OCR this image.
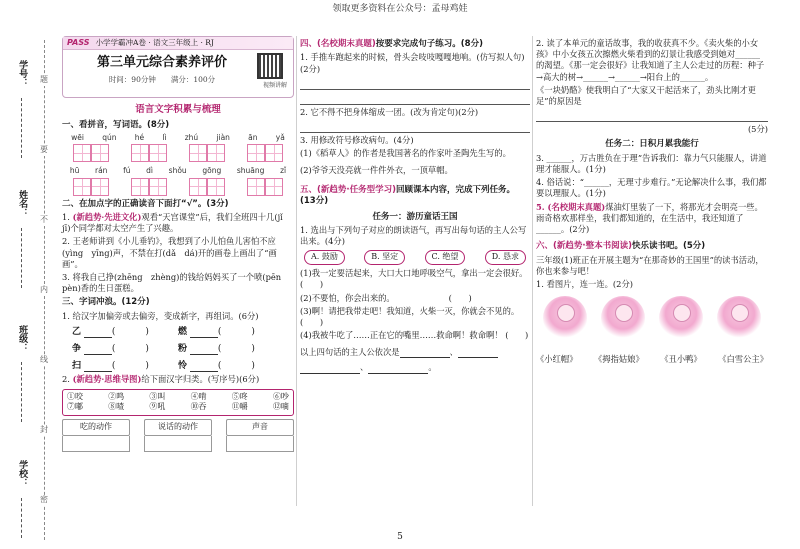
领取更多资料在公众号：孟母鸡娃
学号：
姓名：
班级：
学校：
题
要
不
内
线
封
密
PASS 小学学霸冲A卷 · 语文三年级上 · RJ
第三单元综合素养评价
时间：90分钟　　满分：100分
视频讲解
语言文字积累与梳理
一、看拼音，写词语。(8分)
wēi qún hé lì zhú jiàn ān yǎ
hū rán fú dì shǒu gōng shuāng zǐ
二、在加点字的正确读音下面打“√”。(3分)
1. (新趋势·先进文化)观看“天宫课堂”后，我们全班四十几(jǐ　jī)个同学都对太空产生了兴趣。
2. 王老师讲到《小儿垂钓》，我想到了小儿怕鱼儿害怕不应(yìng　yīng)声，不禁在打(dǎ　dá)开的画卷上画出了“画画”。
3. 将我自己挣(zhēng　zhèng)的钱给妈妈买了一个喷(pēn　pèn)香的生日蛋糕。
三、字词冲浪。(12分)
1. 给汉字加偏旁或去偏旁，变成新字，再组词。(6分)
乙	(	)	燃	(	)
争	(	)	粉	(	)
扫	(	)	怜	(	)
2. (新趋势·思维导图)给下面汉字归类。(写序号)(6分)
①咬	②鸣	③叫	④啃	⑤咚	⑥吵
⑦嘟	⑧喳	⑨吼	⑩吞	⑪嚼	⑫嘀
吃的动作	说话的动作	声音
四、(名校期末真题)按要求完成句子练习。(8分)
1. 手推车跑起来的时候，骨头会吱吱嘎嘎地响。(仿写拟人句)(2分)
2. 它不得不把身体缩成一团。(改为肯定句)(2分)
3. 用修改符号修改病句。(4分)
(1)《稻草人》的作者是我国著名的作家叶圣陶先生写的。
(2)爷爷天没亮就一件件外衣，一顶草帽。
五、(新趋势·任务型学习)回顾课本内容，完成下列任务。(13分)
任务一：游历童话王国
1. 选出与下列句子对应的朗读语气，再写出每句话的主人公写出来。(4分)
A. 鼓励	B. 坚定	C. 绝望	D. 恳求
(1)我一定要活起来，大口大口地呼吸空气，拿出一定会很好。 (　　)
(2)不要怕，你会出来的。　　　　　　　(　　)
(3)啊！请把我带走吧！我知道，火柴一灭，你就会不见的。 (　　)
(4)我被牛吃了……正在它的嘴里……救命啊！救命啊！ (　　)
以上四句话的主人公依次是	、
、	。
2. 读了本单元的童话故事，我的收获真不少。《卖火柴的小女孩》中小女孩五次擦燃火柴看到的幻景让我感受到她对______的渴望。《那一定会很好》让我知道了主人公走过的历程：种子→高大的树→______→______→阳台上的______。
《一块奶酪》使我明白了“大家又干起活来了，劲头比刚才更足”的原因是
(5分)
任务二：日积月累我能行
3. ______，万古胜负在于理”告诉我们：靠力气只能服人，讲道理才能服人。(1分)
4. 俗话说：“______，无理寸步难行。”无论解决什么事，我们都要以理服人。(1分)
5. (名校期末真题)煤油灯里装了一下，将那光才会明亮一些。雨奇格欢那样坐，我们都知道的，在生活中，我还知道了______。(2分)
六、(新趋势·整本书阅读)快乐读书吧。(5分)
三年级(1)班正在开展主题为“在那奇妙的王国里”的读书活动，你也来参与吧！
1. 看图片，连一连。(2分)
《小红帽》 《拇指姑娘》 《丑小鸭》 《白雪公主》
5
